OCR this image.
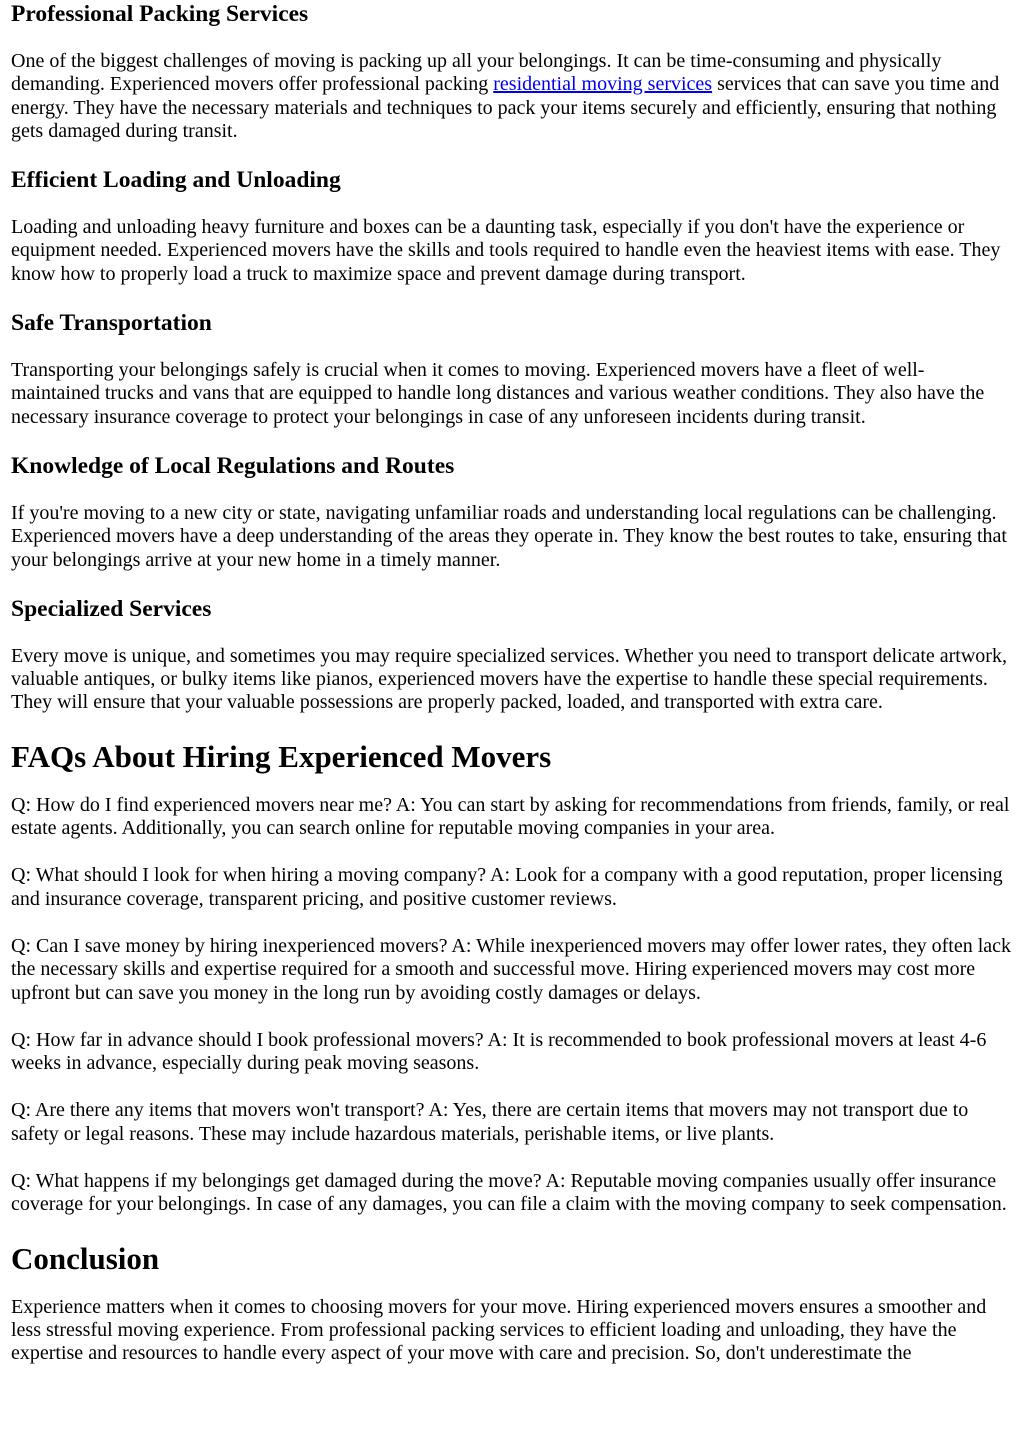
Professional Packing Services

One of the biggest challenges of moving is packing up all your belongings. It can be time-consuming and physically demanding. Experienced movers offer professional packing residential moving services services that can save you time and energy. They have the necessary materials and techniques to pack your items securely and efficiently, ensuring that nothing gets damaged during transit.

Efficient Loading and Unloading

Loading and unloading heavy furniture and boxes can be a daunting task, especially if you don't have the experience or equipment needed. Experienced movers have the skills and tools required to handle even the heaviest items with ease. They know how to properly load a truck to maximize space and prevent damage during transport.

Safe Transportation

Transporting your belongings safely is crucial when it comes to moving. Experienced movers have a fleet of well-maintained trucks and vans that are equipped to handle long distances and various weather conditions. They also have the necessary insurance coverage to protect your belongings in case of any unforeseen incidents during transit.

Knowledge of Local Regulations and Routes

If you're moving to a new city or state, navigating unfamiliar roads and understanding local regulations can be challenging. Experienced movers have a deep understanding of the areas they operate in. They know the best routes to take, ensuring that your belongings arrive at your new home in a timely manner.

Specialized Services

Every move is unique, and sometimes you may require specialized services. Whether you need to transport delicate artwork, valuable antiques, or bulky items like pianos, experienced movers have the expertise to handle these special requirements. They will ensure that your valuable possessions are properly packed, loaded, and transported with extra care.

FAQs About Hiring Experienced Movers

Q: How do I find experienced movers near me? A: You can start by asking for recommendations from friends, family, or real estate agents. Additionally, you can search online for reputable moving companies in your area.

Q: What should I look for when hiring a moving company? A: Look for a company with a good reputation, proper licensing and insurance coverage, transparent pricing, and positive customer reviews.

Q: Can I save money by hiring inexperienced movers? A: While inexperienced movers may offer lower rates, they often lack the necessary skills and expertise required for a smooth and successful move. Hiring experienced movers may cost more upfront but can save you money in the long run by avoiding costly damages or delays.

Q: How far in advance should I book professional movers? A: It is recommended to book professional movers at least 4-6 weeks in advance, especially during peak moving seasons.

Q: Are there any items that movers won't transport? A: Yes, there are certain items that movers may not transport due to safety or legal reasons. These may include hazardous materials, perishable items, or live plants.

Q: What happens if my belongings get damaged during the move? A: Reputable moving companies usually offer insurance coverage for your belongings. In case of any damages, you can file a claim with the moving company to seek compensation.

Conclusion

Experience matters when it comes to choosing movers for your move. Hiring experienced movers ensures a smoother and less stressful moving experience. From professional packing services to efficient loading and unloading, they have the expertise and resources to handle every aspect of your move with care and precision. So, don't underestimate the
